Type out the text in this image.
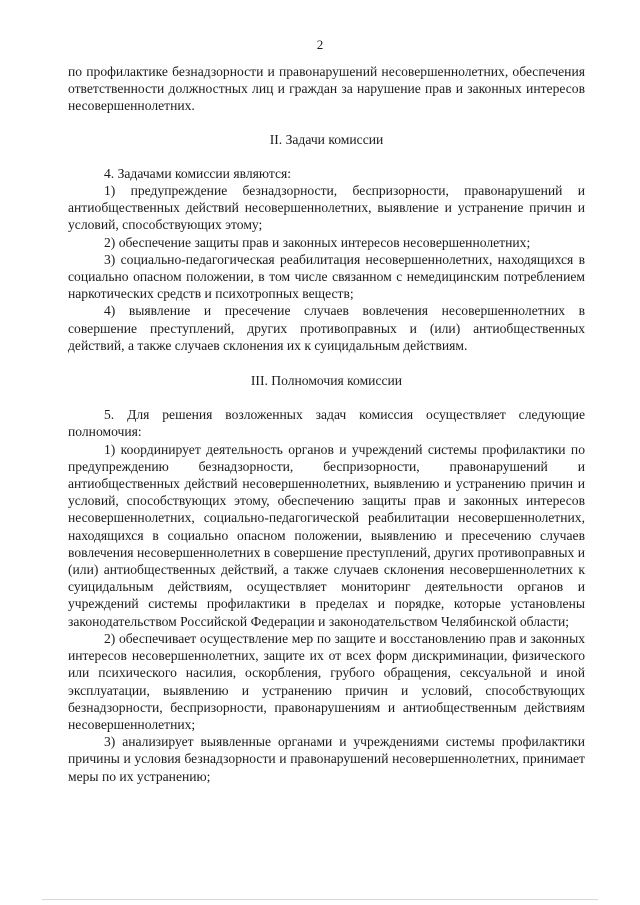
2

по профилактике безнадзорности и правонарушений несовершеннолетних, обеспечения ответственности должностных лиц и граждан за нарушение прав и законных интересов несовершеннолетних.

II. Задачи комиссии

4. Задачами комиссии являются:

1) предупреждение безнадзорности, беспризорности, правонарушений и антиобщественных действий несовершеннолетних, выявление и устранение причин и условий, способствующих этому;

2) обеспечение защиты прав и законных интересов несовершеннолетних;

3) социально-педагогическая реабилитация несовершеннолетних, находящихся в социально опасном положении, в том числе связанном с немедицинским потреблением наркотических средств и психотропных веществ;

4) выявление и пресечение случаев вовлечения несовершеннолетних в совершение преступлений, других противоправных и (или) антиобщественных действий, а также случаев склонения их к суицидальным действиям.

III. Полномочия комиссии

5. Для решения возложенных задач комиссия осуществляет следующие полномочия:

1) координирует деятельность органов и учреждений системы профилактики по предупреждению безнадзорности, беспризорности, правонарушений и антиобщественных действий несовершеннолетних, выявлению и устранению причин и условий, способствующих этому, обеспечению защиты прав и законных интересов несовершеннолетних, социально-педагогической реабилитации несовершеннолетних, находящихся в социально опасном положении, выявлению и пресечению случаев вовлечения несовершеннолетних в совершение преступлений, других противоправных и (или) антиобщественных действий, а также случаев склонения несовершеннолетних к суицидальным действиям, осуществляет мониторинг деятельности органов и учреждений системы профилактики в пределах и порядке, которые установлены законодательством Российской Федерации и законодательством Челябинской области;

2) обеспечивает осуществление мер по защите и восстановлению прав и законных интересов несовершеннолетних, защите их от всех форм дискриминации, физического или психического насилия, оскорбления, грубого обращения, сексуальной и иной эксплуатации, выявлению и устранению причин и условий, способствующих безнадзорности, беспризорности, правонарушениям и антиобщественным действиям несовершеннолетних;

3) анализирует выявленные органами и учреждениями системы профилактики причины и условия безнадзорности и правонарушений несовершеннолетних, принимает меры по их устранению;
